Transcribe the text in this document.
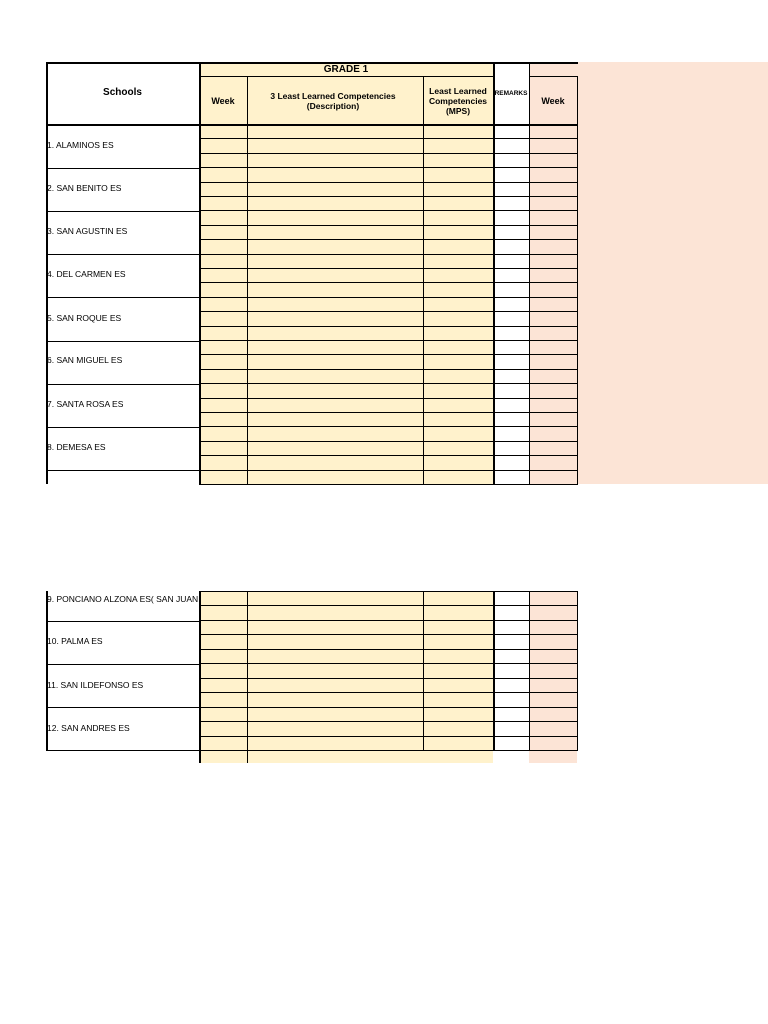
GRADE 1
Schools
Week	3 Least Learned Competencies (Description)
Least Learned Competencies (MPS)
REMARKS
Week
1. ALAMINOS ES
2. SAN BENITO ES
3. SAN AGUSTIN ES
4. DEL CARMEN ES
5. SAN ROQUE ES
6. SAN MIGUEL ES
7. SANTA ROSA ES
8. DEMESA ES
9. PONCIANO ALZONA ES( SAN JUAN
10. PALMA ES
11. SAN ILDEFONSO ES
12. SAN ANDRES ES
